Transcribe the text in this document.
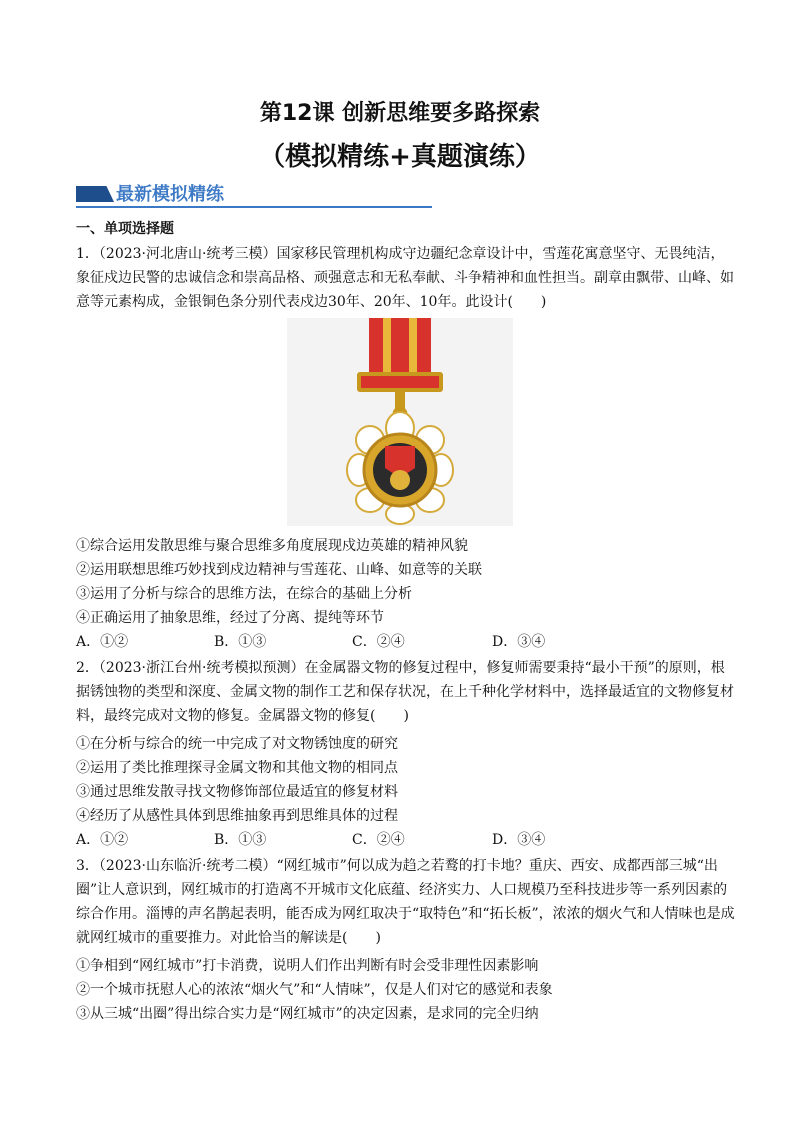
第12课 创新思维要多路探索
（模拟精练+真题演练）
最新模拟精练
一、单项选择题

1．（2023·河北唐山·统考三模）国家移民管理机构成守边疆纪念章设计中，雪莲花寓意坚守、无畏纯洁，象征戍边民警的忠诚信念和崇高品格、顽强意志和无私奉献、斗争精神和血性担当。副章由飘带、山峰、如意等元素构成，金银铜色条分别代表戍边30年、20年、10年。此设计(　　)

①综合运用发散思维与聚合思维多角度展现戍边英雄的精神风貌
②运用联想思维巧妙找到戍边精神与雪莲花、山峰、如意等的关联
③运用了分析与综合的思维方法，在综合的基础上分析
④正确运用了抽象思维，经过了分离、提纯等环节
A．①②	B．①③	C．②④	D．③④

2．（2023·浙江台州·统考模拟预测）在金属器文物的修复过程中，修复师需要秉持“最小干预”的原则，根据锈蚀物的类型和深度、金属文物的制作工艺和保存状况，在上千种化学材料中，选择最适宜的文物修复材料，最终完成对文物的修复。金属器文物的修复(　　)

①在分析与综合的统一中完成了对文物锈蚀度的研究
②运用了类比推理探寻金属文物和其他文物的相同点
③通过思维发散寻找文物修饰部位最适宜的修复材料
④经历了从感性具体到思维抽象再到思维具体的过程
A．①②	B．①③	C．②④	D．③④

3．（2023·山东临沂·统考二模）“网红城市”何以成为趋之若鹜的打卡地？重庆、西安、成都西部三城“出圈”让人意识到，网红城市的打造离不开城市文化底蕴、经济实力、人口规模乃至科技进步等一系列因素的综合作用。淄博的声名鹊起表明，能否成为网红取决于“取特色”和“拓长板”，浓浓的烟火气和人情味也是成就网红城市的重要推力。对此恰当的解读是(　　)

①争相到“网红城市”打卡消费，说明人们作出判断有时会受非理性因素影响
②一个城市抚慰人心的浓浓“烟火气”和“人情味”，仅是人们对它的感觉和表象
③从三城“出圈”得出综合实力是“网红城市”的决定因素，是求同的完全归纳
